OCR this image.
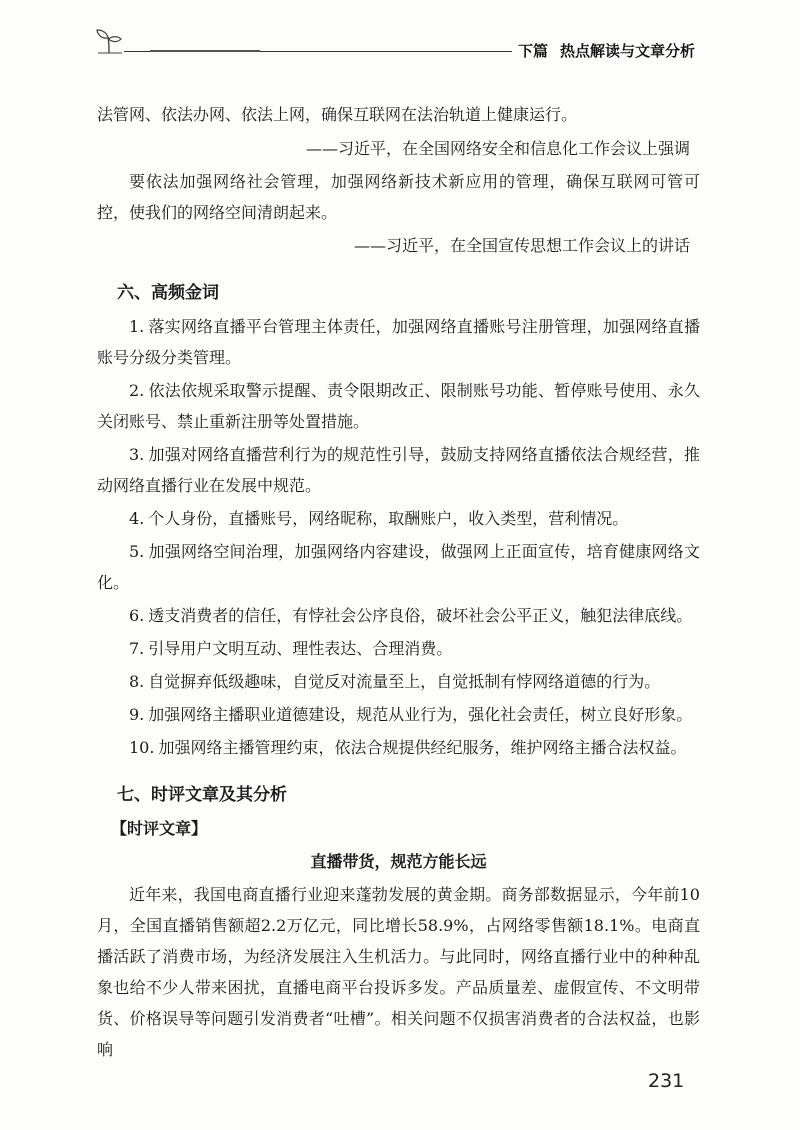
下篇 热点解读与文章分析

法管网、依法办网、依法上网，确保互联网在法治轨道上健康运行。

——习近平，在全国网络安全和信息化工作会议上强调

要依法加强网络社会管理，加强网络新技术新应用的管理，确保互联网可管可控，使我们的网络空间清朗起来。

——习近平，在全国宣传思想工作会议上的讲话

六、高频金词

1. 落实网络直播平台管理主体责任，加强网络直播账号注册管理，加强网络直播账号分级分类管理。

2. 依法依规采取警示提醒、责令限期改正、限制账号功能、暂停账号使用、永久关闭账号、禁止重新注册等处置措施。

3. 加强对网络直播营利行为的规范性引导，鼓励支持网络直播依法合规经营，推动网络直播行业在发展中规范。

4. 个人身份，直播账号，网络昵称，取酬账户，收入类型，营利情况。

5. 加强网络空间治理，加强网络内容建设，做强网上正面宣传，培育健康网络文化。

6. 透支消费者的信任，有悖社会公序良俗，破坏社会公平正义，触犯法律底线。

7. 引导用户文明互动、理性表达、合理消费。

8. 自觉摒弃低级趣味，自觉反对流量至上，自觉抵制有悖网络道德的行为。

9. 加强网络主播职业道德建设，规范从业行为，强化社会责任，树立良好形象。

10. 加强网络主播管理约束，依法合规提供经纪服务，维护网络主播合法权益。

七、时评文章及其分析
【时评文章】

直播带货，规范方能长远

近年来，我国电商直播行业迎来蓬勃发展的黄金期。商务部数据显示，今年前10月，全国直播销售额超2.2万亿元，同比增长58.9%，占网络零售额18.1%。电商直播活跃了消费市场，为经济发展注入生机活力。与此同时，网络直播行业中的种种乱象也给不少人带来困扰，直播电商平台投诉多发。产品质量差、虚假宣传、不文明带货、价格误导等问题引发消费者“吐槽”。相关问题不仅损害消费者的合法权益，也影响

231
